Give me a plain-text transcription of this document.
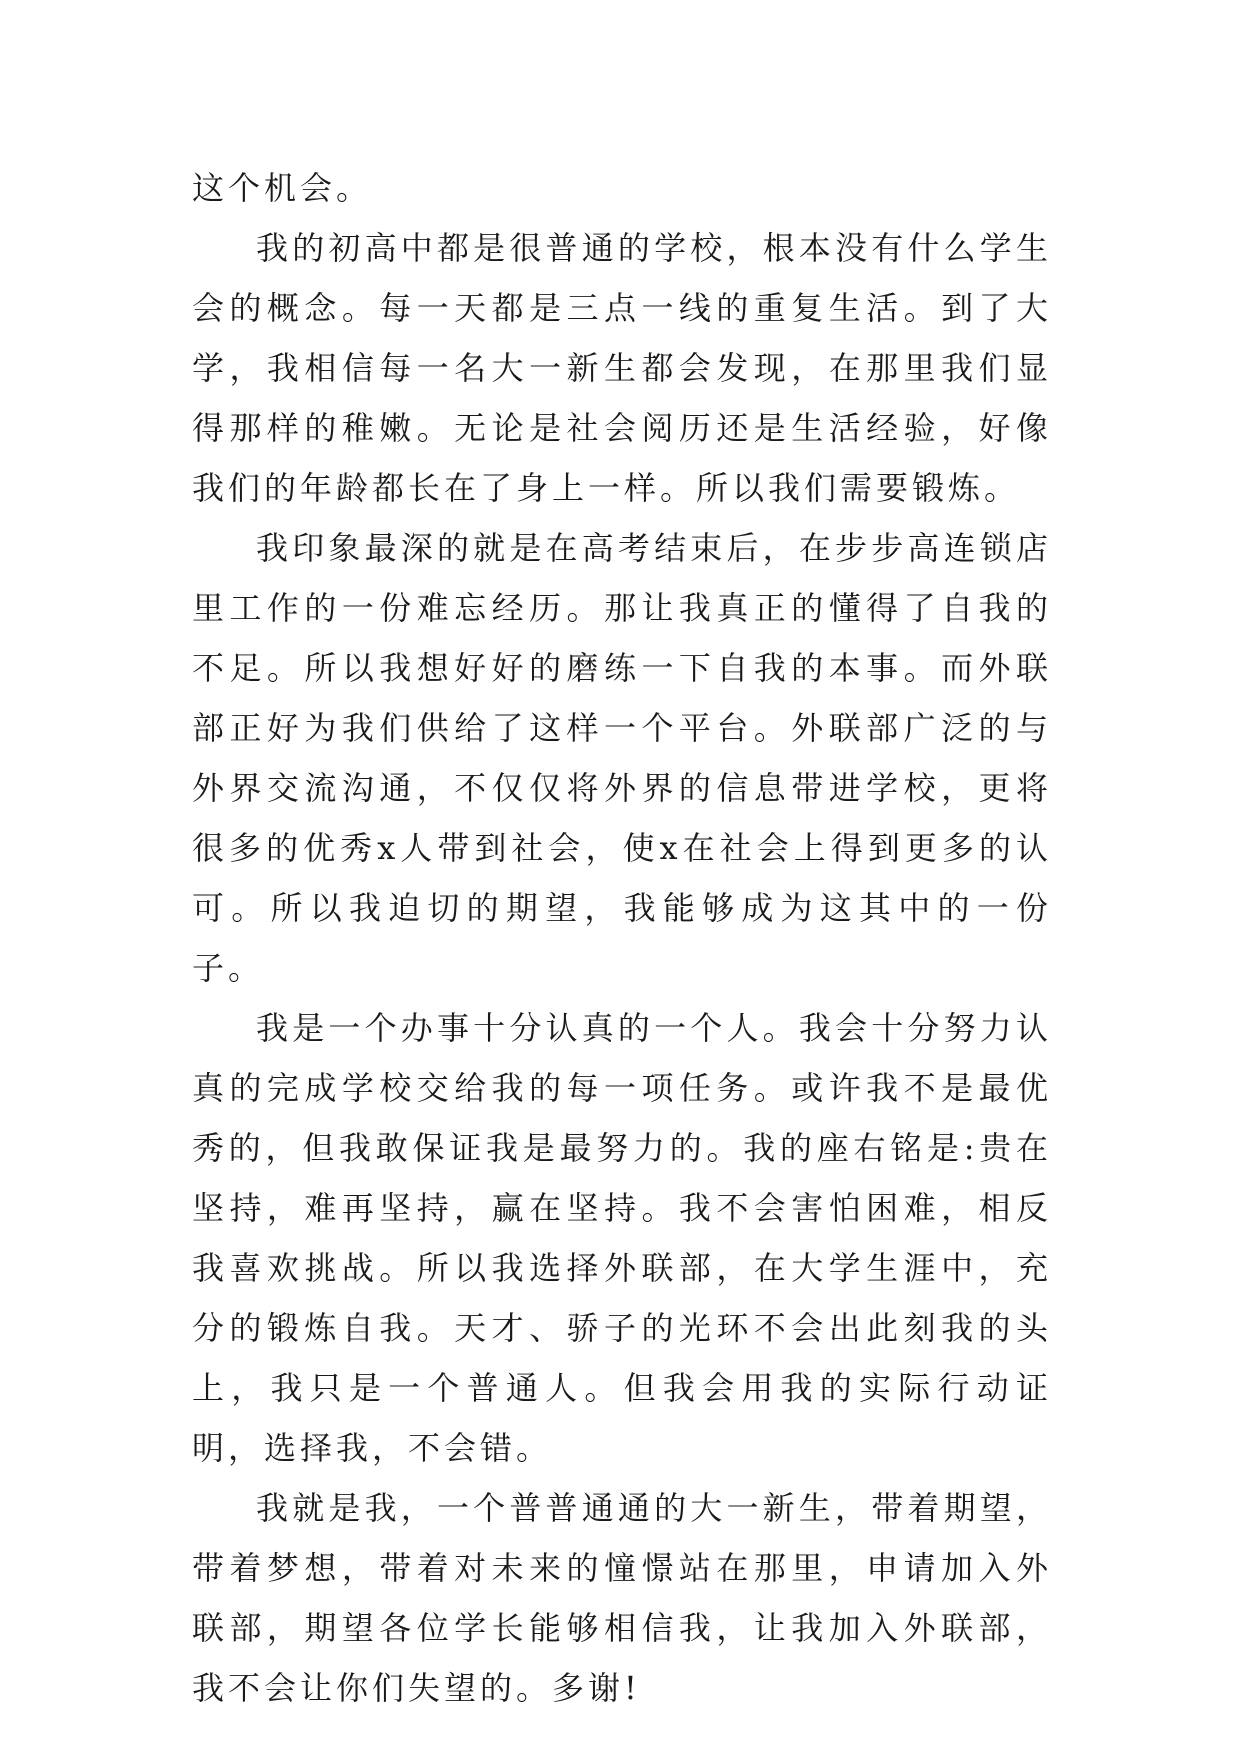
这个机会。

我的初高中都是很普通的学校，根本没有什么学生会的概念。每一天都是三点一线的重复生活。到了大学，我相信每一名大一新生都会发现，在那里我们显得那样的稚嫩。无论是社会阅历还是生活经验，好像我们的年龄都长在了身上一样。所以我们需要锻炼。

我印象最深的就是在高考结束后，在步步高连锁店里工作的一份难忘经历。那让我真正的懂得了自我的不足。所以我想好好的磨练一下自我的本事。而外联部正好为我们供给了这样一个平台。外联部广泛的与外界交流沟通，不仅仅将外界的信息带进学校，更将很多的优秀x人带到社会，使x在社会上得到更多的认可。所以我迫切的期望，我能够成为这其中的一份子。

我是一个办事十分认真的一个人。我会十分努力认真的完成学校交给我的每一项任务。或许我不是最优秀的，但我敢保证我是最努力的。我的座右铭是:贵在坚持，难再坚持，赢在坚持。我不会害怕困难，相反我喜欢挑战。所以我选择外联部，在大学生涯中，充分的锻炼自我。天才、骄子的光环不会出此刻我的头上，我只是一个普通人。但我会用我的实际行动证明，选择我，不会错。

我就是我，一个普普通通的大一新生，带着期望，带着梦想，带着对未来的憧憬站在那里，申请加入外联部，期望各位学长能够相信我，让我加入外联部，我不会让你们失望的。多谢!
